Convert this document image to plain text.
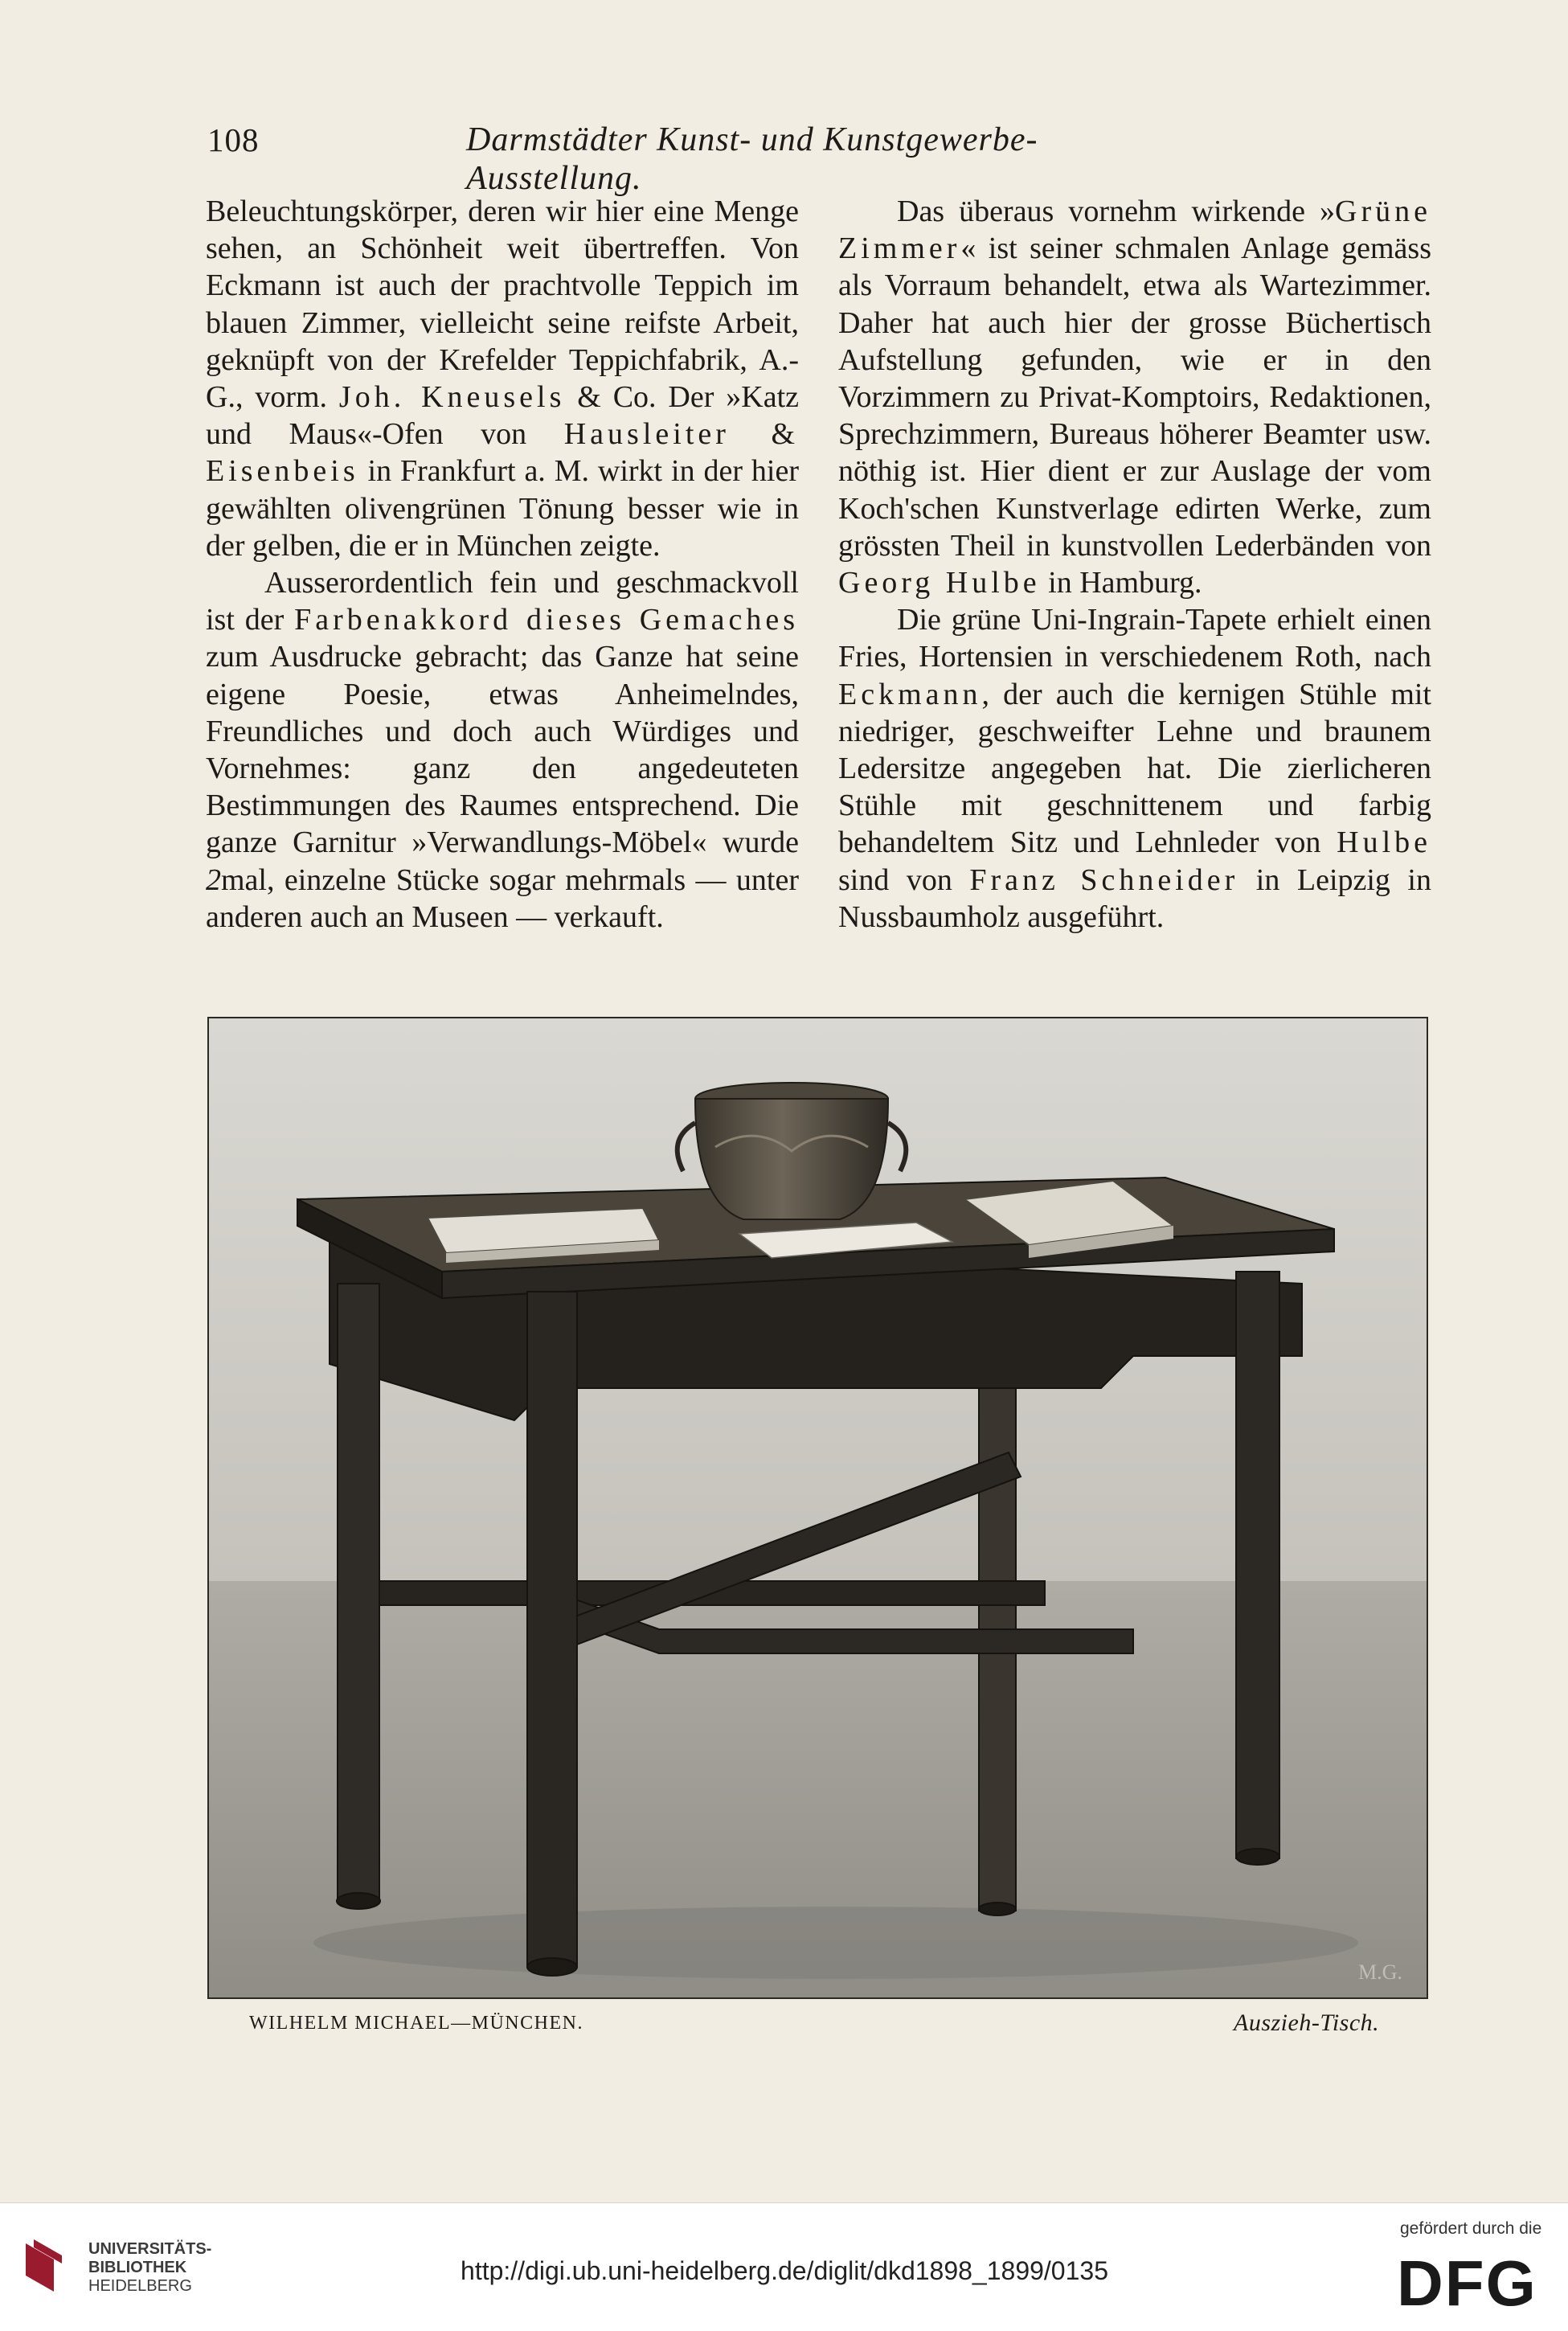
108	Darmstädter Kunst- und Kunstgewerbe-Ausstellung.

Beleuchtungskörper, deren wir hier eine Menge sehen, an Schönheit weit übertreffen. Von Eckmann ist auch der prachtvolle Teppich im blauen Zimmer, vielleicht seine reifste Arbeit, geknüpft von der Krefelder Teppichfabrik, A.-G., vorm. Joh. Kneusels & Co. Der »Katz und Maus«-Ofen von Hausleiter & Eisenbeis in Frankfurt a. M. wirkt in der hier gewählten olivengrünen Tönung besser wie in der gelben, die er in München zeigte.

Ausserordentlich fein und geschmackvoll ist der Farbenakkord dieses Gemaches zum Ausdrucke gebracht; das Ganze hat seine eigene Poesie, etwas Anheimelndes, Freundliches und doch auch Würdiges und Vornehmes: ganz den angedeuteten Bestimmungen des Raumes entsprechend. Die ganze Garnitur »Verwandlungs-Möbel« wurde 2mal, einzelne Stücke sogar mehrmals — unter anderen auch an Museen — verkauft.

Das überaus vornehm wirkende »Grüne Zimmer« ist seiner schmalen Anlage gemäss als Vorraum behandelt, etwa als Wartezimmer. Daher hat auch hier der grosse Büchertisch Aufstellung gefunden, wie er in den Vorzimmern zu Privat-Komptoirs, Redaktionen, Sprechzimmern, Bureaus höherer Beamter usw. nöthig ist. Hier dient er zur Auslage der vom Koch'schen Kunstverlage edirten Werke, zum grössten Theil in kunstvollen Lederbänden von Georg Hulbe in Hamburg.

Die grüne Uni-Ingrain-Tapete erhielt einen Fries, Hortensien in verschiedenem Roth, nach Eckmann, der auch die kernigen Stühle mit niedriger, geschweifter Lehne und braunem Ledersitze angegeben hat. Die zierlicheren Stühle mit geschnittenem und farbig behandeltem Sitz und Lehnleder von Hulbe sind von Franz Schneider in Leipzig in Nussbaumholz ausgeführt.

M.G.
WILHELM MICHAEL—MÜNCHEN.	Auszieh-Tisch.
UNIVERSITÄTS-
BIBLIOTHEK
HEIDELBERG
http://digi.ub.uni-heidelberg.de/diglit/dkd1898_1899/0135
gefördert durch die
DFG
